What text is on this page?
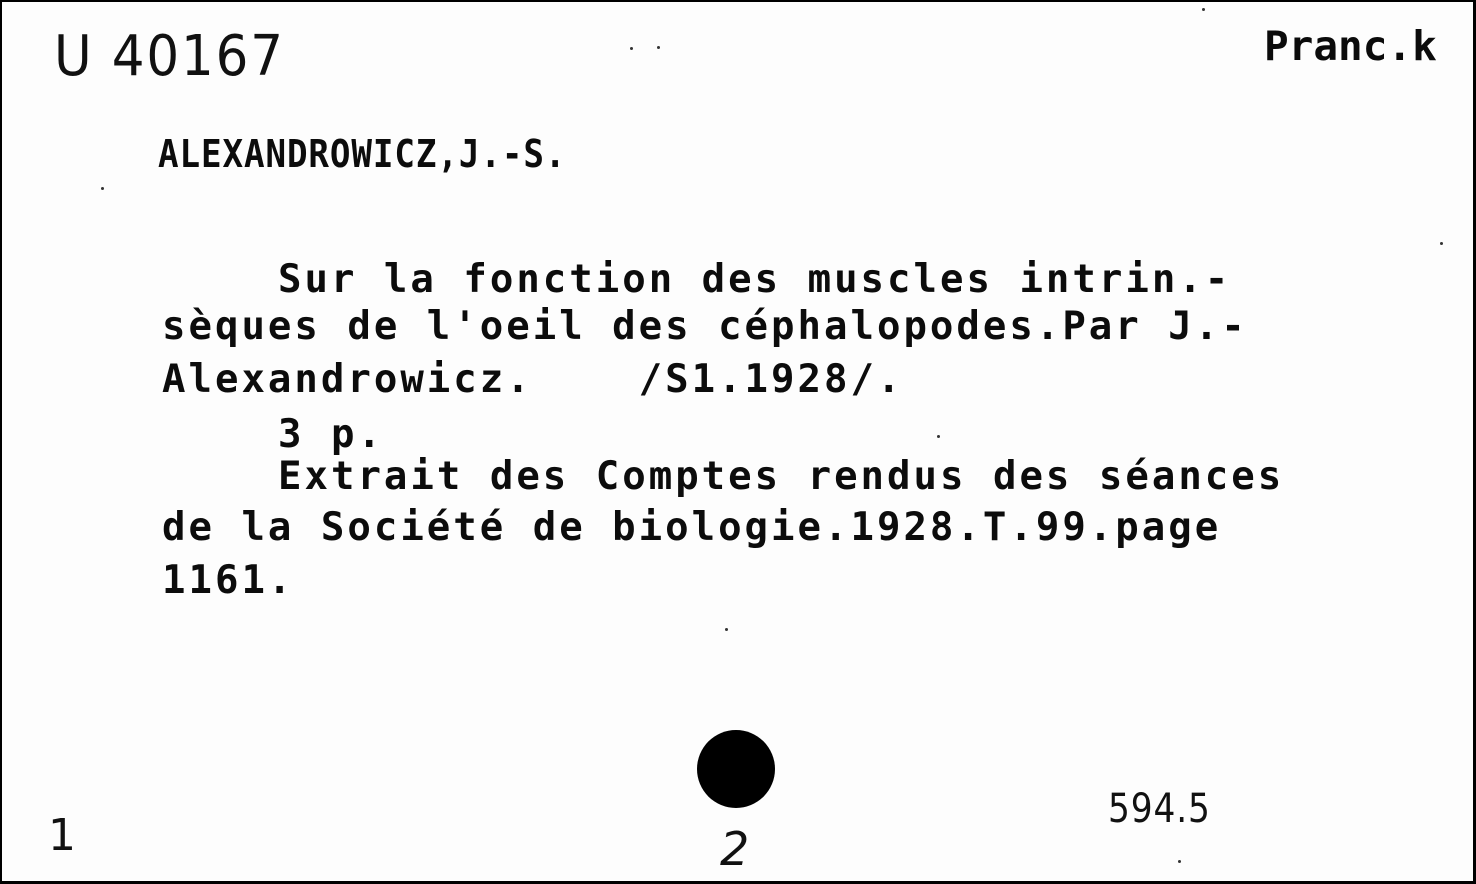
U 40167	Pranc.k

ALEXANDROWICZ,J.-S.

Sur la fonction des muscles intrin.-

sèques de l'oeil des céphalopodes.Par J.-

Alexandrowicz.    /S1.1928/.

3 p.

Extrait des Comptes rendus des séances

de la Société de biologie.1928.T.99.page

1161.

594.5

1	2
